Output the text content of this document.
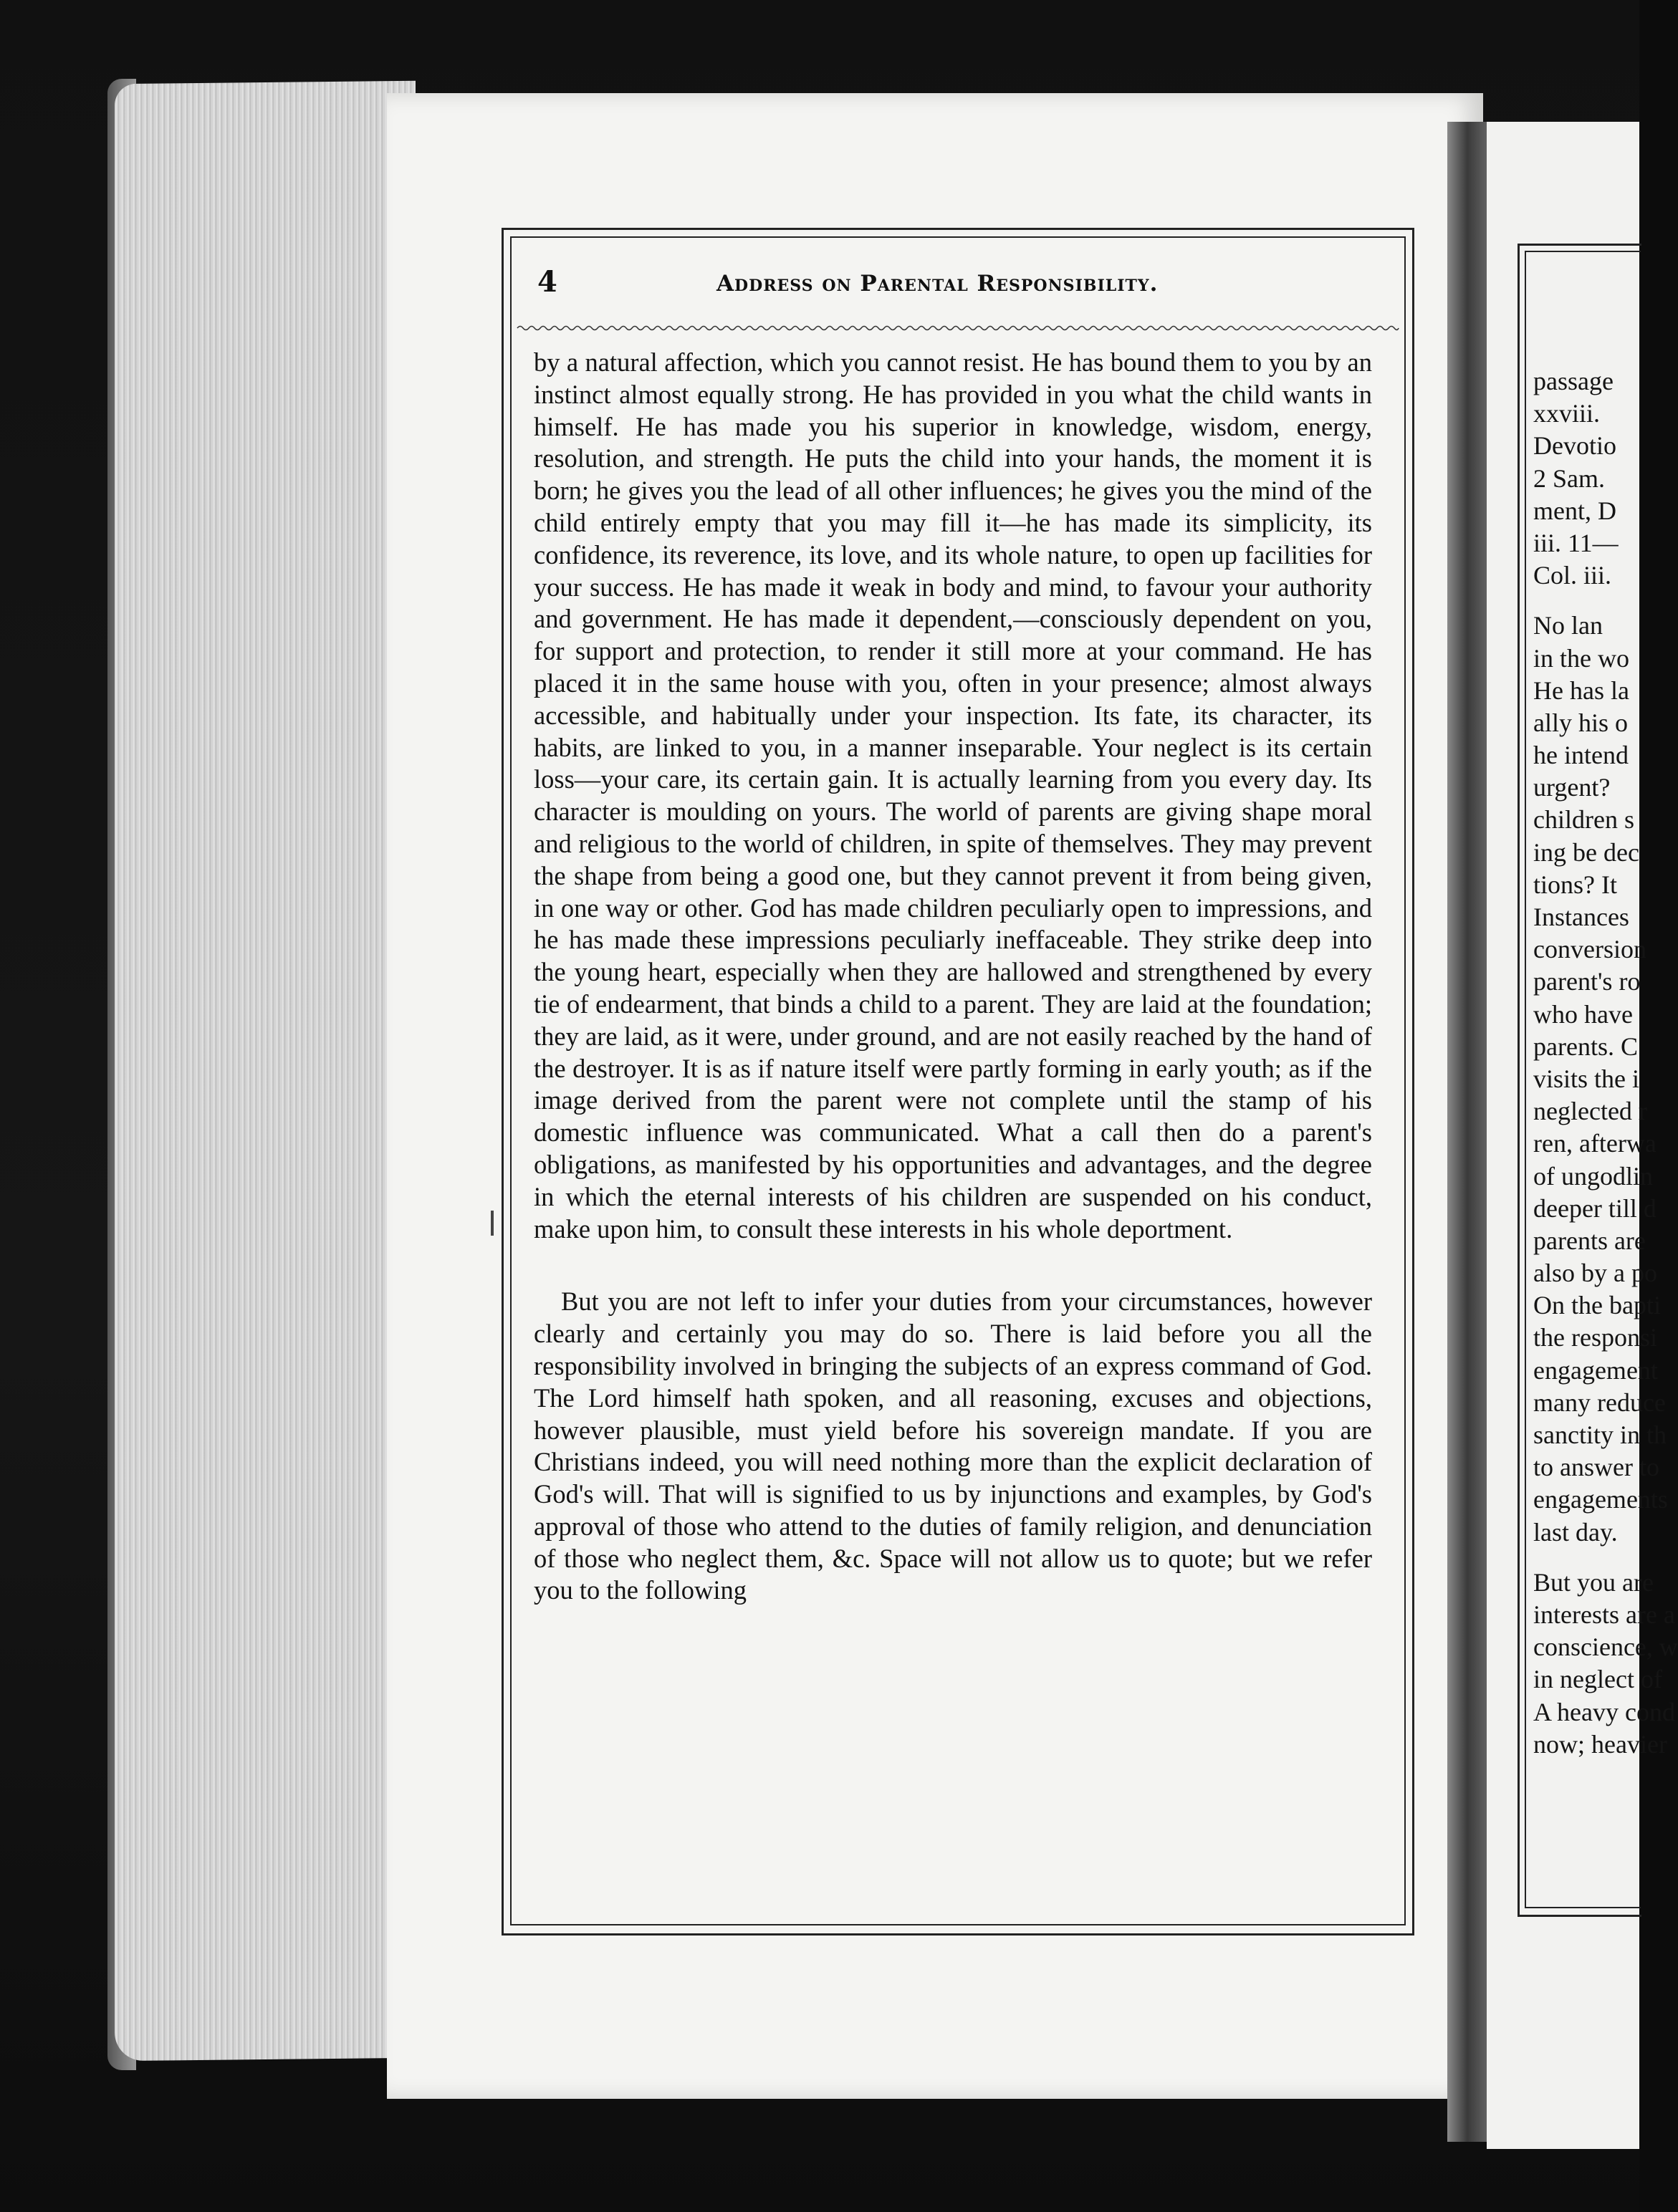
4	Address on Parental Responsibility.

by a natural affection, which you cannot resist. He has bound them to you by an instinct almost equally strong. He has provided in you what the child wants in himself. He has made you his superior in knowledge, wisdom, energy, resolution, and strength. He puts the child into your hands, the moment it is born; he gives you the lead of all other influences; he gives you the mind of the child entirely empty that you may fill it—he has made its simplicity, its confidence, its reverence, its love, and its whole nature, to open up facilities for your success. He has made it weak in body and mind, to favour your authority and government. He has made it dependent,—consciously dependent on you, for support and protection, to render it still more at your command. He has placed it in the same house with you, often in your presence; almost always accessible, and habitually under your inspection. Its fate, its character, its habits, are linked to you, in a manner inseparable. Your neglect is its certain loss—your care, its certain gain. It is actually learning from you every day. Its character is moulding on yours. The world of parents are giving shape moral and religious to the world of children, in spite of themselves. They may prevent the shape from being a good one, but they cannot prevent it from being given, in one way or other. God has made children peculiarly open to impressions, and he has made these impressions peculiarly ineffaceable. They strike deep into the young heart, especially when they are hallowed and strengthened by every tie of endearment, that binds a child to a parent. They are laid at the foundation; they are laid, as it were, under ground, and are not easily reached by the hand of the destroyer. It is as if nature itself were partly forming in early youth; as if the image derived from the parent were not complete until the stamp of his domestic influence was communicated. What a call then do a parent's obligations, as manifested by his opportunities and advantages, and the degree in which the eternal interests of his children are suspended on his conduct, make upon him, to consult these interests in his whole deportment.

But you are not left to infer your duties from your circumstances, however clearly and certainly you may do so. There is laid before you all the responsibility involved in bringing the subjects of an express command of God. The Lord himself hath spoken, and all reasoning, excuses and objections, however plausible, must yield before his sovereign mandate. If you are Christians indeed, you will need nothing more than the explicit declaration of God's will. That will is signified to us by injunctions and examples, by God's approval of those who attend to the duties of family religion, and denunciation of those who neglect them, &c. Space will not allow us to quote; but we refer you to the following

passage
xxviii.
Devotio
2 Sam.
ment, D
iii. 11—
Col. iii.
No lan
in the wo
He has la
ally his o
he intend
urgent?
children s
ing be dec
tions? It
Instances
conversion
parent's ro
who have
parents. C
visits the i
neglected r
ren, afterwa
of ungodlin
deeper till d
parents are
also by a po
On the bapti
the responsi
engagement
many reduce
sanctity in th
to answer to
engagements
last day.
But you are
interests are a
conscience, w
in neglect of
A heavy cond
now; heavier
